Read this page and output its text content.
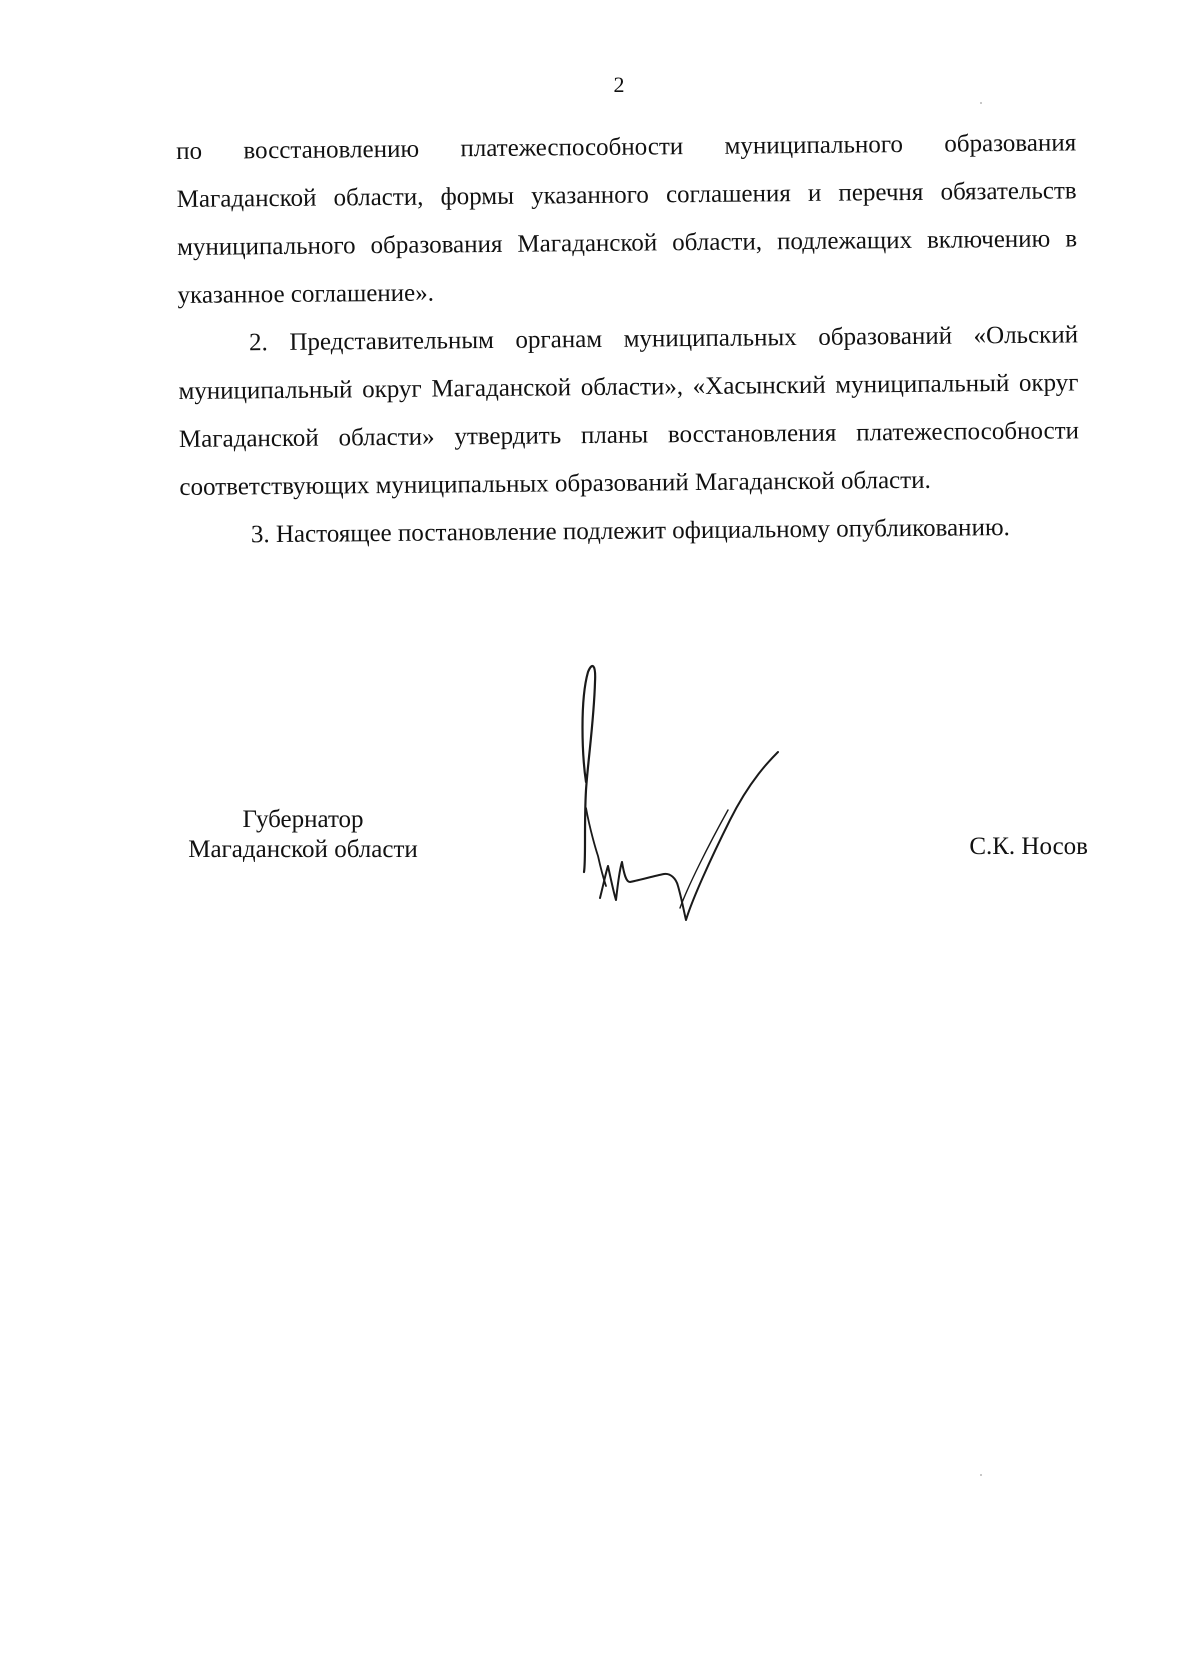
2

по восстановлению платежеспособности муниципального образования Магаданской области, формы указанного соглашения и перечня обязательств муниципального образования Магаданской области, подлежащих включению в указанное соглашение».

2. Представительным органам муниципальных образований «Ольский муниципальный округ Магаданской области», «Хасынский муниципальный округ Магаданской области» утвердить планы восстановления платежеспособности соответствующих муниципальных образований Магаданской области.

3. Настоящее постановление подлежит официальному опубликованию.

Губернатор
Магаданской области	С.К. Носов
